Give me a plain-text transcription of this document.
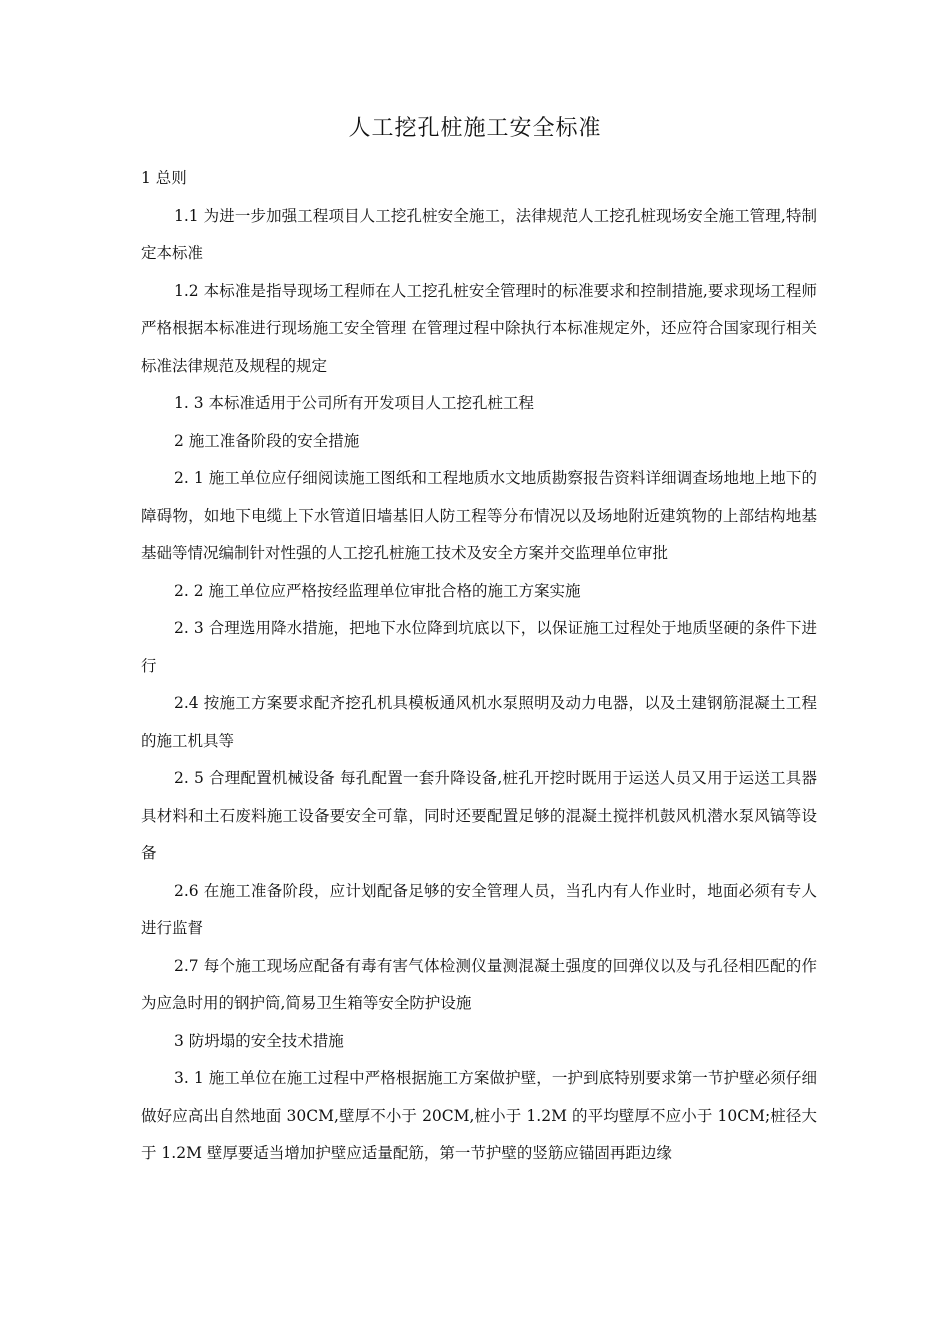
人工挖孔桩施工安全标准

1 总则

1.1 为进一步加强工程项目人工挖孔桩安全施工，法律规范人工挖孔桩现场安全施工管理,特制定本标准

1.2 本标准是指导现场工程师在人工挖孔桩安全管理时的标准要求和控制措施,要求现场工程师严格根据本标准进行现场施工安全管理 在管理过程中除执行本标准规定外，还应符合国家现行相关标准法律规范及规程的规定

1. 3 本标准适用于公司所有开发项目人工挖孔桩工程

2 施工准备阶段的安全措施

2. 1 施工单位应仔细阅读施工图纸和工程地质水文地质勘察报告资料详细调查场地地上地下的障碍物，如地下电缆上下水管道旧墙基旧人防工程等分布情况以及场地附近建筑物的上部结构地基基础等情况编制针对性强的人工挖孔桩施工技术及安全方案并交监理单位审批

2. 2 施工单位应严格按经监理单位审批合格的施工方案实施

2. 3 合理选用降水措施，把地下水位降到坑底以下，以保证施工过程处于地质坚硬的条件下进行

2.4 按施工方案要求配齐挖孔机具模板通风机水泵照明及动力电器，以及土建钢筋混凝土工程的施工机具等

2. 5 合理配置机械设备 每孔配置一套升降设备,桩孔开挖时既用于运送人员又用于运送工具器具材料和土石废料施工设备要安全可靠，同时还要配置足够的混凝土搅拌机鼓风机潜水泵风镐等设备

2.6 在施工准备阶段，应计划配备足够的安全管理人员，当孔内有人作业时，地面必须有专人进行监督

2.7 每个施工现场应配备有毒有害气体检测仪量测混凝土强度的回弹仪以及与孔径相匹配的作为应急时用的钢护筒,简易卫生箱等安全防护设施

3 防坍塌的安全技术措施

3. 1 施工单位在施工过程中严格根据施工方案做护壁，一护到底特别要求第一节护壁必须仔细做好应高出自然地面 30CM,壁厚不小于 20CM,桩小于 1.2M 的平均壁厚不应小于 10CM;桩径大于 1.2M 壁厚要适当增加护壁应适量配筋，第一节护壁的竖筋应锚固再距边缘
